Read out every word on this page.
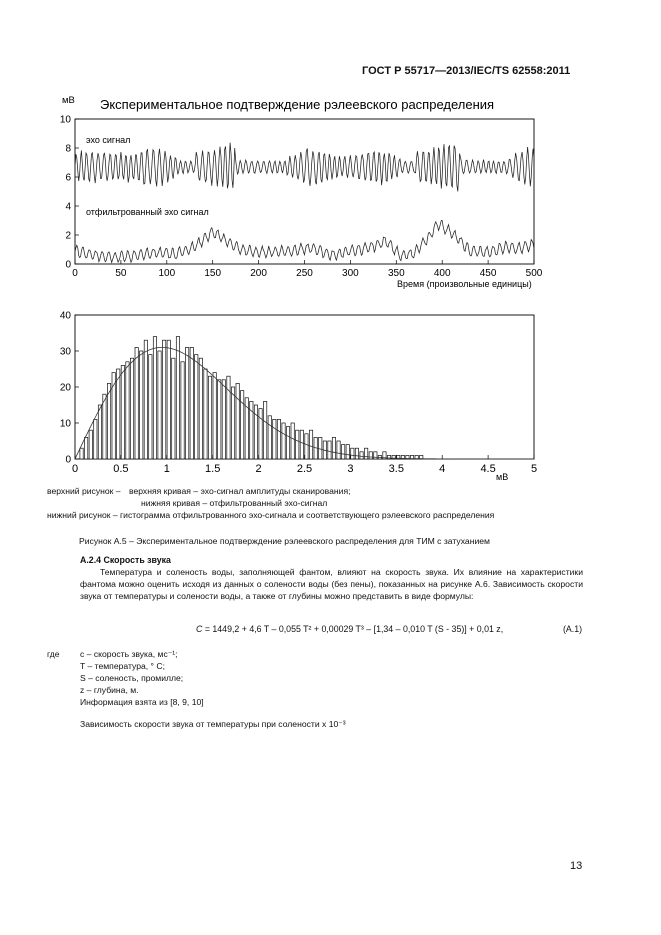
ГОСТ Р 55717—2013/IEC/TS 62558:2011
мВ Экспериментальное подтверждение рэлеевского распределения
эхо сигнал
отфильтрованный эхо сигнал
0
2
4
6
8
10
0	50	100	150	200	250	300	350	400	450	500
Время (произвольные единицы)
0
10
20
30
40
0	0.5	1	1.5	2	2.5	3	3.5	4	4.5	5
мВ
верхний рисунок – верхняя кривая – эхо-сигнал амплитуды сканирования;
нижняя кривая – отфильтрованный эхо-сигнал
нижний рисунок – гистограмма отфильтрованного эхо-сигнала и соответствующего рэлеевского распределения
Рисунок А.5 – Экспериментальное подтверждение рэлеевского распределения для ТИМ с затуханием
А.2.4 Скорость звука
Температура и соленость воды, заполняющей фантом, влияют на скорость звука. Их влияние на характеристики фантома можно оценить исходя из данных о солености воды (без пены), показанных на рисунке А.6. Зависимость скорости звука от температуры и солености воды, а также от глубины можно представить в виде формулы:
C = 1449,2 + 4,6 T – 0,055 T² + 0,00029 T³ – [1,34 – 0,010 T (S - 35)] + 0,01 z,	(А.1)
где c – скорость звука, мс⁻¹;
T – температура, ° С;
S – соленость, промилле;
z – глубина, м.
Информация взята из [8, 9, 10]
Зависимость скорости звука от температуры при солености х 10⁻³
13
